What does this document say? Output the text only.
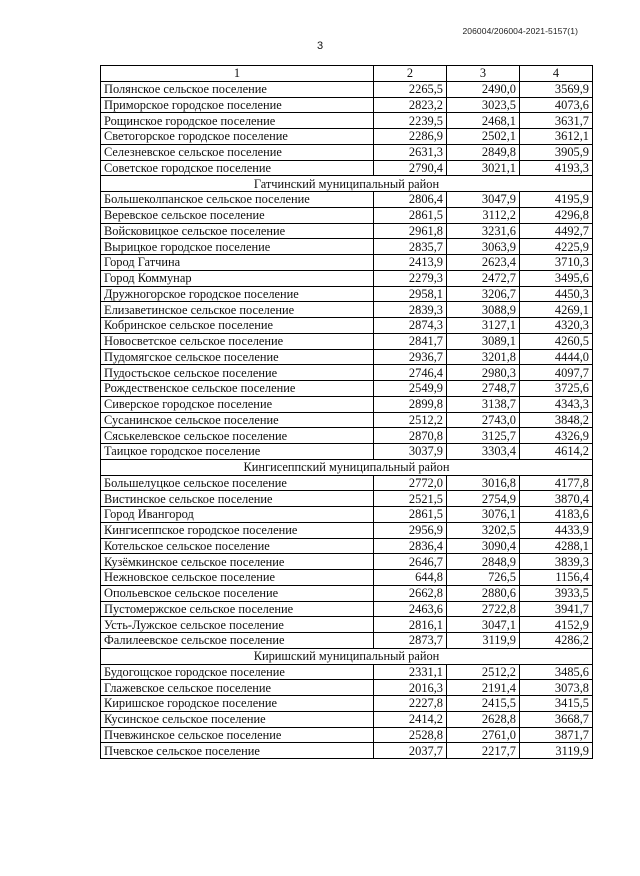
206004/206004-2021-5157(1)
3
1	2	3	4
Полянское сельское поселение	2265,5	2490,0	3569,9
Приморское городское поселение	2823,2	3023,5	4073,6
Рощинское городское поселение	2239,5	2468,1	3631,7
Светогорское городское поселение	2286,9	2502,1	3612,1
Селезневское сельское поселение	2631,3	2849,8	3905,9
Советское городское поселение	2790,4	3021,1	4193,3
Гатчинский муниципальный район			
Большеколпанское сельское поселение	2806,4	3047,9	4195,9
Веревское сельское поселение	2861,5	3112,2	4296,8
Войсковицкое сельское поселение	2961,8	3231,6	4492,7
Вырицкое городское поселение	2835,7	3063,9	4225,9
Город Гатчина	2413,9	2623,4	3710,3
Город Коммунар	2279,3	2472,7	3495,6
Дружногорское городское поселение	2958,1	3206,7	4450,3
Елизаветинское сельское поселение	2839,3	3088,9	4269,1
Кобринское сельское поселение	2874,3	3127,1	4320,3
Новосветское сельское поселение	2841,7	3089,1	4260,5
Пудомягское сельское поселение	2936,7	3201,8	4444,0
Пудостьское сельское поселение	2746,4	2980,3	4097,7
Рождественское сельское поселение	2549,9	2748,7	3725,6
Сиверское городское поселение	2899,8	3138,7	4343,3
Сусанинское сельское поселение	2512,2	2743,0	3848,2
Сяськелевское сельское поселение	2870,8	3125,7	4326,9
Таицкое городское поселение	3037,9	3303,4	4614,2
Кингисеппский муниципальный район			
Большелуцкое сельское поселение	2772,0	3016,8	4177,8
Вистинское сельское поселение	2521,5	2754,9	3870,4
Город Ивангород	2861,5	3076,1	4183,6
Кингисеппское городское поселение	2956,9	3202,5	4433,9
Котельское сельское поселение	2836,4	3090,4	4288,1
Кузёмкинское сельское поселение	2646,7	2848,9	3839,3
Нежновское сельское поселение	644,8	726,5	1156,4
Опольевское сельское поселение	2662,8	2880,6	3933,5
Пустомержское сельское поселение	2463,6	2722,8	3941,7
Усть-Лужское сельское поселение	2816,1	3047,1	4152,9
Фалилеевское сельское поселение	2873,7	3119,9	4286,2
Киришский муниципальный район			
Будогощское городское поселение	2331,1	2512,2	3485,6
Глажевское сельское поселение	2016,3	2191,4	3073,8
Киришское городское поселение	2227,8	2415,5	3415,5
Кусинское сельское поселение	2414,2	2628,8	3668,7
Пчевжинское сельское поселение	2528,8	2761,0	3871,7
Пчевское сельское поселение	2037,7	2217,7	3119,9
